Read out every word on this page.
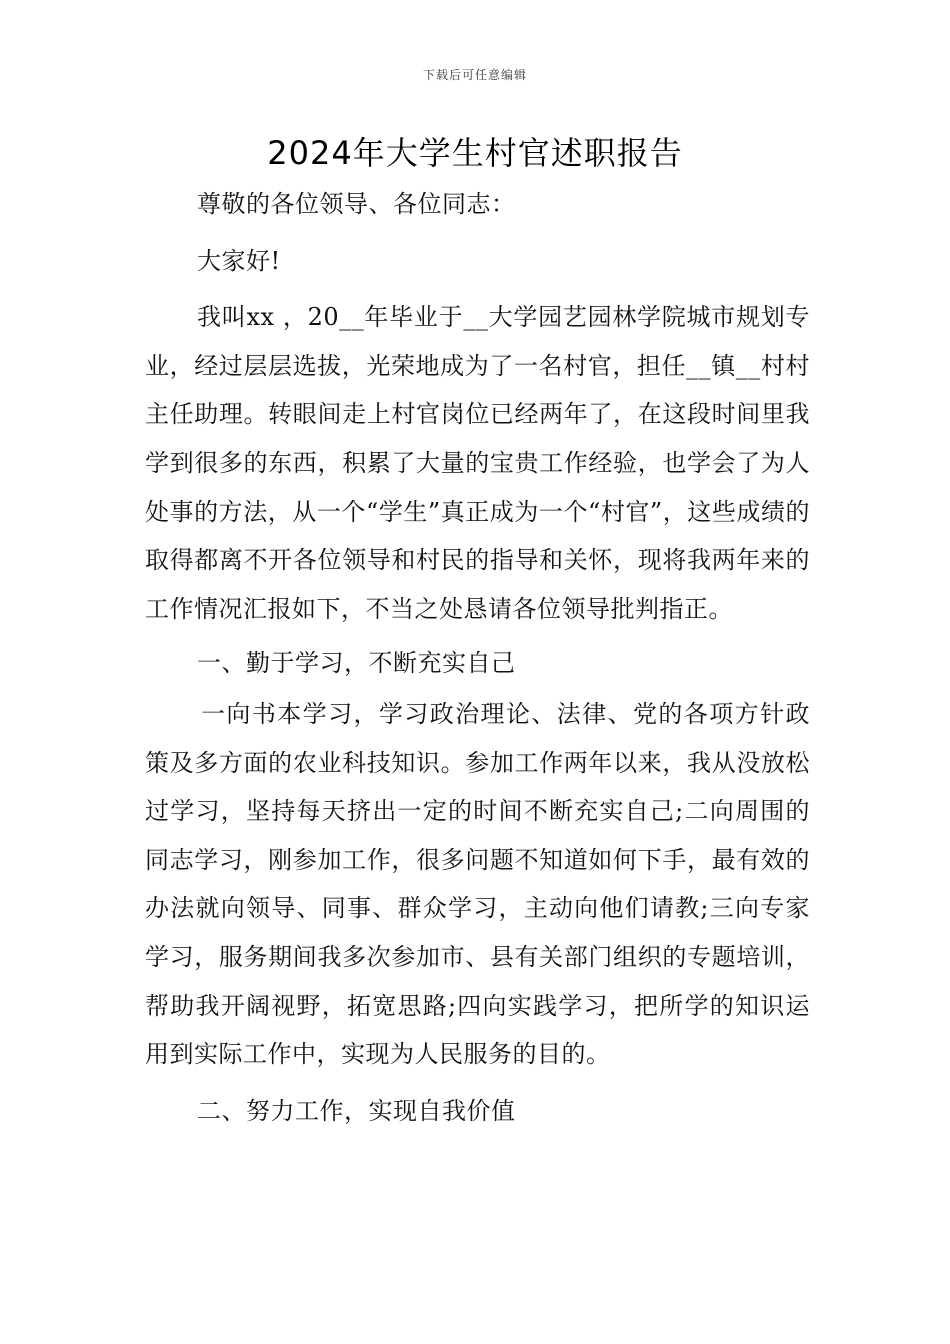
下载后可任意编辑
2024年大学生村官述职报告

尊敬的各位领导、各位同志：

大家好!

我叫xx ，20__年毕业于__大学园艺园林学院城市规划专业，经过层层选拔，光荣地成为了一名村官，担任__镇__村村主任助理。转眼间走上村官岗位已经两年了，在这段时间里我学到很多的东西，积累了大量的宝贵工作经验，也学会了为人处事的方法，从一个“学生”真正成为一个“村官”，这些成绩的取得都离不开各位领导和村民的指导和关怀，现将我两年来的工作情况汇报如下，不当之处恳请各位领导批判指正。

一、勤于学习，不断充实自己

一向书本学习，学习政治理论、法律、党的各项方针政策及多方面的农业科技知识。参加工作两年以来，我从没放松过学习，坚持每天挤出一定的时间不断充实自己;二向周围的同志学习，刚参加工作，很多问题不知道如何下手，最有效的办法就向领导、同事、群众学习，主动向他们请教;三向专家学习，服务期间我多次参加市、县有关部门组织的专题培训，帮助我开阔视野，拓宽思路;四向实践学习，把所学的知识运用到实际工作中，实现为人民服务的目的。

二、努力工作，实现自我价值
